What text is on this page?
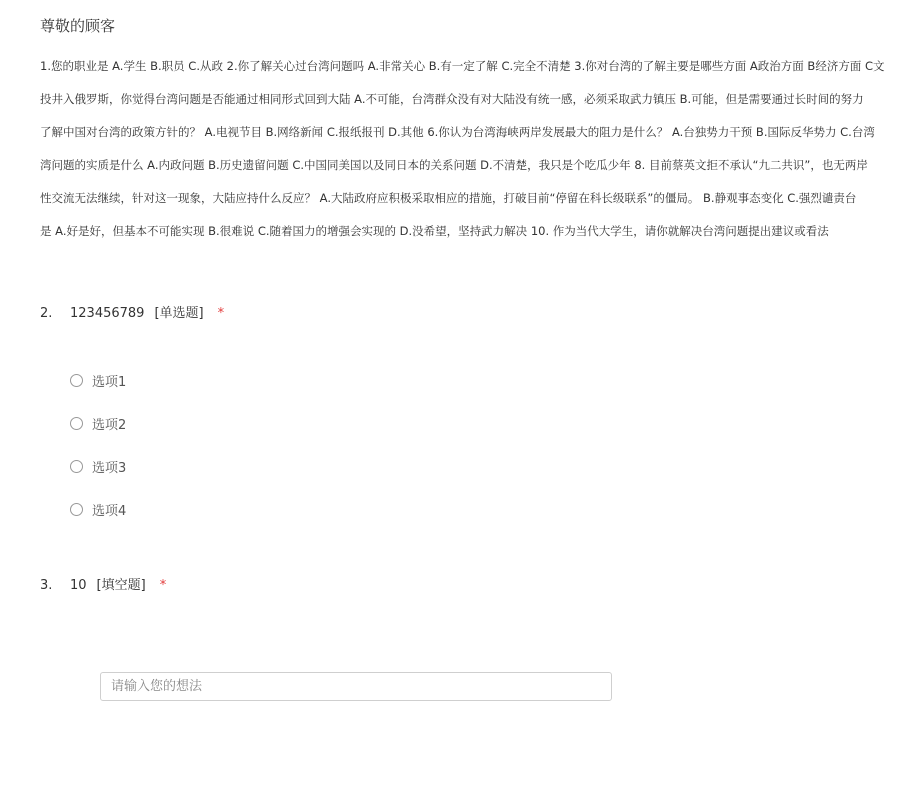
尊敬的顾客
1.您的职业是 A.学生 B.职员 C.从政 2.你了解关心过台湾问题吗 A.非常关心 B.有一定了解 C.完全不清楚 3.你对台湾的了解主要是哪些方面 A政治方面 B经济方面 C文
投井入俄罗斯，你觉得台湾问题是否能通过相同形式回到大陆 A.不可能，台湾群众没有对大陆没有统一感，必须采取武力镇压 B.可能，但是需要通过长时间的努力
了解中国对台湾的政策方针的？ A.电视节目 B.网络新闻 C.报纸报刊 D.其他 6.你认为台湾海峡两岸发展最大的阻力是什么？ A.台独势力干预 B.国际反华势力 C.台湾
湾问题的实质是什么 A.内政问题 B.历史遗留问题 C.中国同美国以及同日本的关系问题 D.不清楚，我只是个吃瓜少年 8. 目前蔡英文拒不承认“九二共识”，也无两岸
性交流无法继续，针对这一现象，大陆应持什么反应？ A.大陆政府应积极采取相应的措施，打破目前“停留在科长级联系”的僵局。 B.静观事态变化 C.强烈谴责台
是 A.好是好，但基本不可能实现 B.很难说 C.随着国力的增强会实现的 D.没希望，坚持武力解决 10. 作为当代大学生，请你就解决台湾问题提出建议或看法
2. 123456789 [单选题] *
选项1
选项2
选项3
选项4
3. 10 [填空题] *
请输入您的想法
